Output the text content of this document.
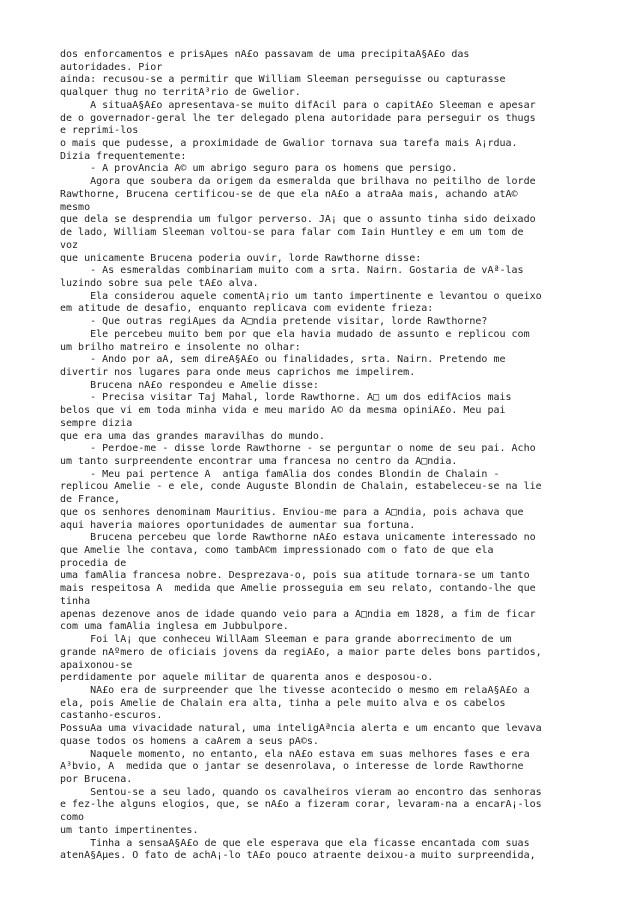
dos enforcamentos e prisÃµes nÃ£o passavam de uma precipitaÃ§Ã£o das
autoridades. Pior
ainda: recusou-se a permitir que William Sleeman perseguisse ou capturasse
qualquer thug no territÃ³rio de Gwelior.
A situaÃ§Ã£o apresentava-se muito difÃcil para o capitÃ£o Sleeman e apesar
de o governador-geral lhe ter delegado plena autoridade para perseguir os thugs
e reprimi-los
o mais que pudesse, a proximidade de Gwalior tornava sua tarefa mais Ã¡rdua.
Dizia frequentemente:
- A provÃncia Ã© um abrigo seguro para os homens que persigo.
Agora que soubera da origem da esmeralda que brilhava no peitilho de lorde
Rawthorne, Brucena certificou-se de que ela nÃ£o a atraÃa mais, achando atÃ©
mesmo
que dela se desprendia um fulgor perverso. JÃ¡ que o assunto tinha sido deixado
de lado, William Sleeman voltou-se para falar com Iain Huntley e em um tom de
voz
que unicamente Brucena poderia ouvir, lorde Rawthorne disse:
- As esmeraldas combinariam muito com a srta. Nairn. Gostaria de vÃª-las
luzindo sobre sua pele tÃ£o alva.
Ela considerou aquele comentÃ¡rio um tanto impertinente e levantou o queixo
em atitude de desafio, enquanto replicava com evidente frieza:
- Que outras regiÃµes da Ã□ndia pretende visitar, lorde Rawthorne?
Ele percebeu muito bem por que ela havia mudado de assunto e replicou com
um brilho matreiro e insolente no olhar:
- Ando por aÃ, sem direÃ§Ã£o ou finalidades, srta. Nairn. Pretendo me
divertir nos lugares para onde meus caprichos me impelirem.
Brucena nÃ£o respondeu e Amelie disse:
- Precisa visitar Taj Mahal, lorde Rawthorne. Ã□ um dos edifÃcios mais
belos que vi em toda minha vida e meu marido Ã© da mesma opiniÃ£o. Meu pai
sempre dizia
que era uma das grandes maravilhas do mundo.
- Perdoe-me - disse lorde Rawthorne - se perguntar o nome de seu pai. Acho
um tanto surpreendente encontrar uma francesa no centro da Ã□ndia.
- Meu pai pertence Ã  antiga famÃlia dos condes Blondin de Chalain -
replicou Amelie - e ele, conde Auguste Blondin de Chalain, estabeleceu-se na lie
de France,
que os senhores denominam Mauritius. Enviou-me para a Ã□ndia, pois achava que
aqui haveria maiores oportunidades de aumentar sua fortuna.
Brucena percebeu que lorde Rawthorne nÃ£o estava unicamente interessado no
que Amelie lhe contava, como tambÃ©m impressionado com o fato de que ela
procedia de
uma famÃlia francesa nobre. Desprezava-o, pois sua atitude tornara-se um tanto
mais respeitosa Ã  medida que Amelie prosseguia em seu relato, contando-lhe que
tinha
apenas dezenove anos de idade quando veio para a Ã□ndia em 1828, a fim de ficar
com uma famÃlia inglesa em Jubbulpore.
Foi lÃ¡ que conheceu WillÃam Sleeman e para grande aborrecimento de um
grande nÃºmero de oficiais jovens da regiÃ£o, a maior parte deles bons partidos,
apaixonou-se
perdidamente por aquele militar de quarenta anos e desposou-o.
NÃ£o era de surpreender que lhe tivesse acontecido o mesmo em relaÃ§Ã£o a
ela, pois Amelie de Chalain era alta, tinha a pele muito alva e os cabelos
castanho-escuros.
PossuÃa uma vivacidade natural, uma inteligÃªncia alerta e um encanto que levava
quase todos os homens a caÃrem a seus pÃ©s.
Naquele momento, no entanto, ela nÃ£o estava em suas melhores fases e era
Ã³bvio, Ã  medida que o jantar se desenrolava, o interesse de lorde Rawthorne
por Brucena.
Sentou-se a seu lado, quando os cavalheiros vieram ao encontro das senhoras
e fez-lhe alguns elogios, que, se nÃ£o a fizeram corar, levaram-na a encarÃ¡-los
como
um tanto impertinentes.
Tinha a sensaÃ§Ã£o de que ele esperava que ela ficasse encantada com suas
atenÃ§Ãµes. O fato de achÃ¡-lo tÃ£o pouco atraente deixou-a muito surpreendida,
